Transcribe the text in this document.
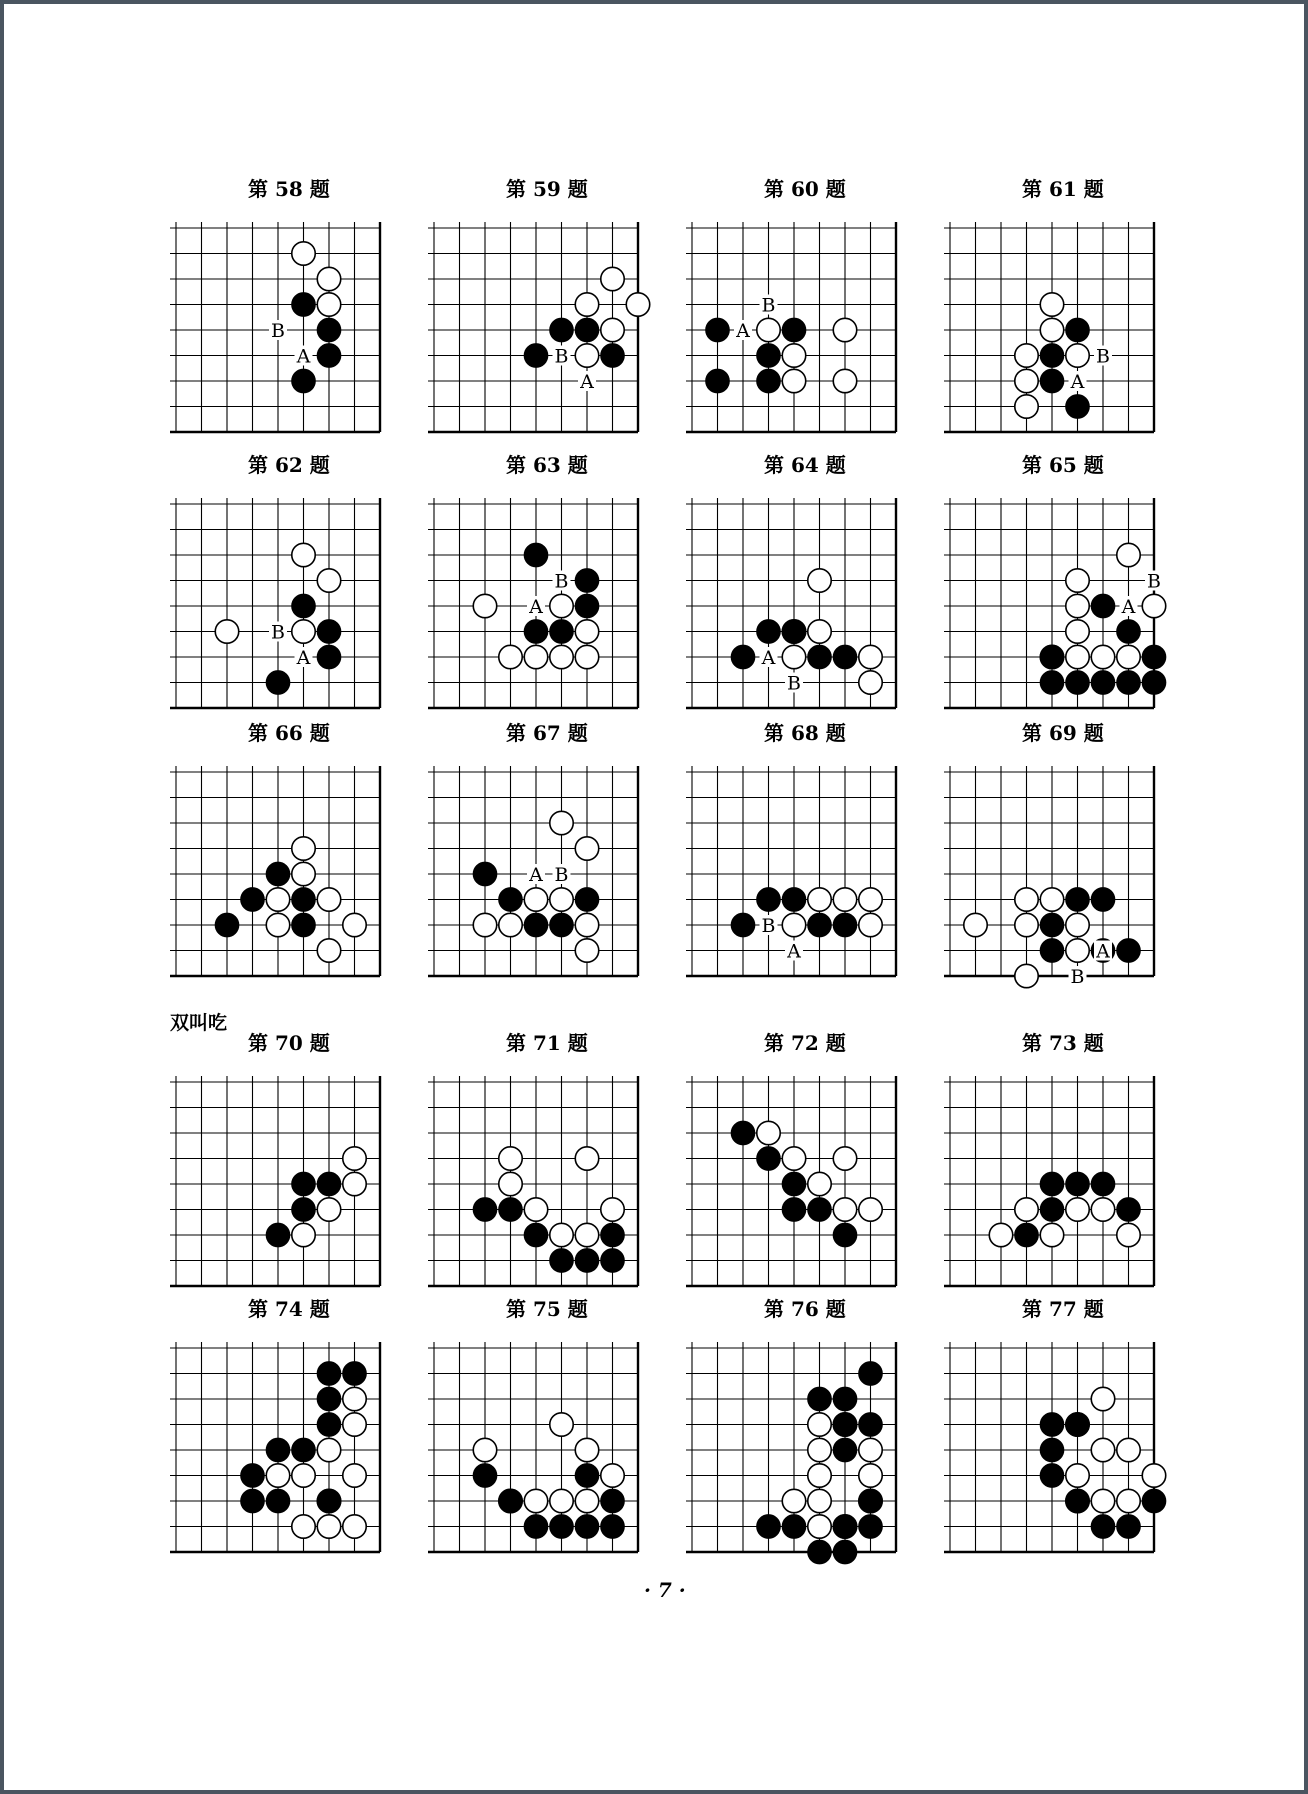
B
A	B
A
B
A
B
A
B
A
B
A
A
B
B
A
A B
B
A	A
B
第 58 题	第 59 题	第 60 题	第 61 题
第 62 题	第 63 题	第 64 题	第 65 题
第 66 题	第 67 题	第 68 题	第 69 题
第 70 题	第 71 题	第 72 题	第 73 题
第 74 题	第 75 题	第 76 题	第 77 题
双叫吃
· 7 ·
